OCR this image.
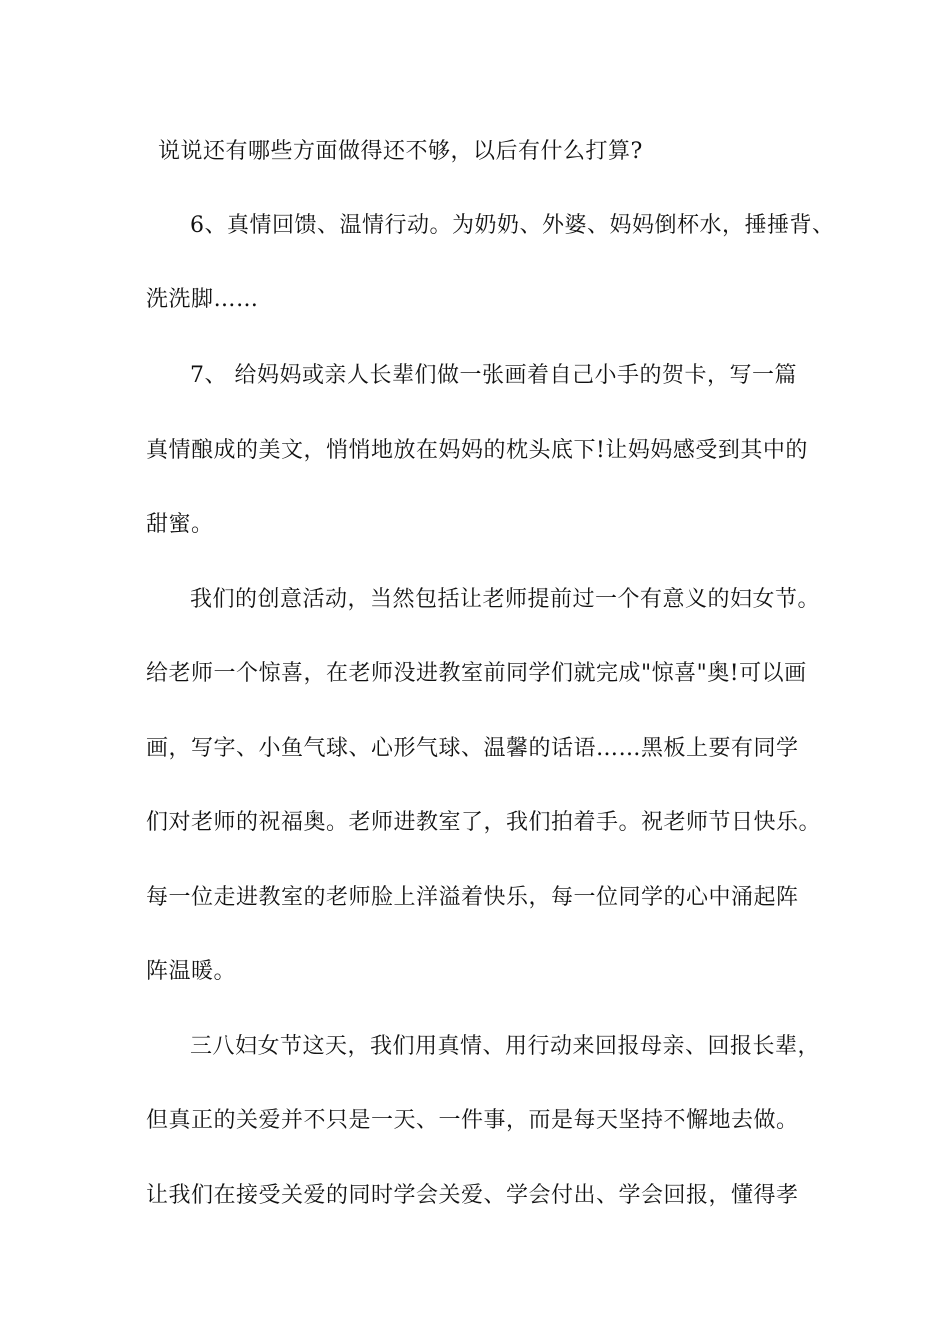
说说还有哪些方面做得还不够，以后有什么打算?

6、真情回馈、温情行动。为奶奶、外婆、妈妈倒杯水，捶捶背、

洗洗脚……

7、 给妈妈或亲人长辈们做一张画着自己小手的贺卡，写一篇

真情酿成的美文，悄悄地放在妈妈的枕头底下!让妈妈感受到其中的

甜蜜。

我们的创意活动，当然包括让老师提前过一个有意义的妇女节。

给老师一个惊喜，在老师没进教室前同学们就完成"惊喜"奥!可以画

画，写字、小鱼气球、心形气球、温馨的话语……黑板上要有同学

们对老师的祝福奥。老师进教室了，我们拍着手。祝老师节日快乐。

每一位走进教室的老师脸上洋溢着快乐，每一位同学的心中涌起阵

阵温暖。

三八妇女节这天，我们用真情、用行动来回报母亲、回报长辈，

但真正的关爱并不只是一天、一件事，而是每天坚持不懈地去做。

让我们在接受关爱的同时学会关爱、学会付出、学会回报，懂得孝
